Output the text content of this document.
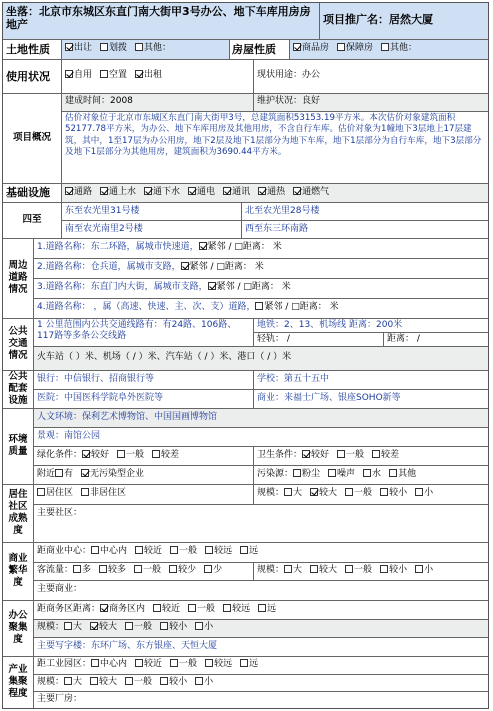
坐落：北京市东城区东直门南大街甲3号办公、地下车库用房房地产	项目推广名：居然大厦
土地性质	出让 划拨 其他：	房屋性质	商品房 保障房 其他：
使用状况	自用 空置 出租	现状用途：办公
项目概况
建成时间：2008	维护状况：良好
估价对象位于北京市东城区东直门南大街甲3号，总建筑面积53153.19平方米。本次估价对象建筑面积52177.78平方米，为办公、地下车库用房及其他用房，不含自行车库。估价对象为1幢地下3层地上17层建筑，其中，1至17层为办公用房，地下2层及地下1层部分为地下车库，地下1层部分为自行车库，地下3层部分及地下1层部分为其他用房，建筑面积为3690.44平方米。
基础设施	通路 通上水 通下水 通电 通讯 通热 通燃气
四至
东至农光里31号楼	北至农光里28号楼
南至农光南里2号楼	西至东三环南路
周边道路情况
1.道路名称：东二环路，属城市快速道， 紧邻 / □距离： 米
2.道路名称：仓兵道，属城市支路， 紧邻 / □距离： 米
3.道路名称：东直门内大街，属城市支路， 紧邻 / □距离： 米
4.道路名称： ，属（高速、快速、主、次、支）道路， 紧邻 / □距离： 米
公共交通情况
1 公里范围内公共交通线路有：有24路、106路、117路等多条公交线路
地铁：2、13、机场线 距离：200米
轻轨： /	距离： /
火车站（ ）米、机场（ / ）米、汽车站（ / ）米、港口（ / ）米
公共配套设施
银行：中信银行、招商银行等	学校：第五十五中
医院：中国医科学院阜外医院等	商业：来福士广场、银座SOHO新等
环境质量
人文环境：保利艺术博物馆、中国国画博物馆
景观：南馆公园
绿化条件： 较好 一般 较差	卫生条件： 较好 一般 较差
附近 有 无污染型企业	污染源： 粉尘 噪声 水 其他
居住社区成熟度
居住区 非居住区	规模： 大 较大 一般 较小 小
主要社区：
商业繁华度
距商业中心： 中心内 较近 一般 较远 远
客流量： 多 较多 一般 较少 少	规模： 大 较大 一般 较小 小
主要商业：
办公聚集度
距商务区距离： 商务区内 较近 一般 较远 远
规模： 大 较大 一般 较小 小
主要写字楼：东环广场、东方银座、天恒大厦
产业集聚程度
距工业园区： 中心内 较近 一般 较远 远
规模： 大 较大 一般 较小 小
主要厂房：
